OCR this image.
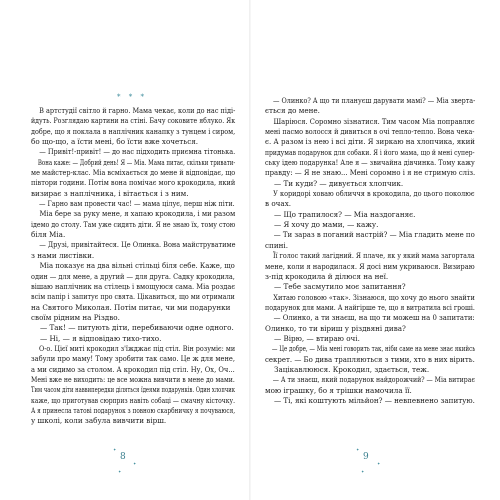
* * *
В артстудії світло й гарно. Мама чекає, коли до нас піді-
йдуть. Розглядаю картини на стіні. Бачу соковите яблуко. Як
добре, що я поклала в наплічник канапку з тунцем і сиром,
бо що-що, а їсти мені, бо їсти вже хочеться.
— Привіт!-привіт! — до нас підходить приємна тітонька.
Вона каже: — Добрий день! Я — Міа. Мама питає, скільки тривати-
ме майстер-клас. Міа всміхається до мене й відповідає, що
півтори години. Потім вона помічає мого крокодила, який
визирає з наплічника, і вітається і з ним.
— Гарно вам провести час! — мама цілує, перш ніж піти.
Міа бере за руку мене, я хапаю крокодила, і ми разом
ідемо до столу. Там уже сидять діти. Я не знаю їх, тому стою
біля Міа.
— Друзі, привітайтеся. Це Олинка. Вона майструватиме
з нами листівки.
Міа показує на два вільні стільці біля себе. Каже, що
один — для мене, а другий — для друга. Садку крокодила,
вішаю наплічник на стілець і вмощуюся сама. Міа роздає
всім папір і запитує про свята. Цікавиться, що ми отримали
на Святого Миколая. Потім питає, чи ми подарунки
своїм рідним на Різдво.
— Так! — питують діти, перебиваючи одне одного.
— Ні, — я відповідаю тихо-тихо.
О-о. Цієї миті крокодил з'їжджає під стіл. Він розуміє: ми
забули про маму! Тому зробити так само. Це ж для мене,
а ми сидимо за столом. А крокодил під стіл. Ну, Ох, Оч...
Мені вже не виходить: це все можна вивчити в мене до мами.
Тим часом діти наввипередки діляться їдеями подарунків. Один хлопчик
каже, що приготував сюрприз навіть собаці — смачну кісточку.
А я принесла татові подарунок з повною скарбничку я почуваюся,
у школі, коли забула вивчити вірш.
8
✦
✦
✦
— Олинко? А що ти плануєш дарувати мамі? — Міа зверта-
ється до мене.
Шаріюся. Соромно зізнатися. Тим часом Міа поправляє
мені пасмо волосся й дивиться в очі тепло-тепло. Вона чека-
є. А разом із нею і всі діти. Я зиркаю на хлопчика, який
придумав подарунок для собаки. Я і його мама, що й мені супер-
ську ідею подарунка! Але я — звичайна дівчинка. Тому кажу
правду: — Я не знаю... Мені соромно і я не стримую сліз.
— Ти куди? — дивується хлопчик.
У коридорі ховаю обличчя в крокодила, до цього поколює
в очах.
— Що трапилося? — Міа наздоганяє.
— Я хочу до мами, — кажу.
— Ти зараз в поганий настрій? — Міа гладить мене по
спині.
Її голос такий лагідний. Я плаче, як у який мама загортала
мене, коли я народилася. Я досі ним укриваюся. Визираю
з-під крокодила й ділюся на неї.
— Тебе засмутило моє запитання?
Хитаю головою «так». Зізнаюся, що хочу до нього знайти
подарунок для мами. А найгірше те, що я витратила всі гроші.
— Олинко, а ти знаєш, на що ти можеш на 0 запитати:
Олинко, то ти віриш у різдвяні дива?
— Вірю, — втираю очі.
— Це добре, — Міа мені говорить так, ніби саме на мене знає якийсь
секрет. — Бо дива трапляються з тими, хто в них вірить.
Зацікавлююся. Крокодил, здається, теж.
— А ти знаєш, який подарунок найдорожчий? — Міа витирає
мою іграшку, бо я трішки намочила її.
— Ті, які коштують мільйон? — невпевнено запитую.
9
✦
✦
✦
